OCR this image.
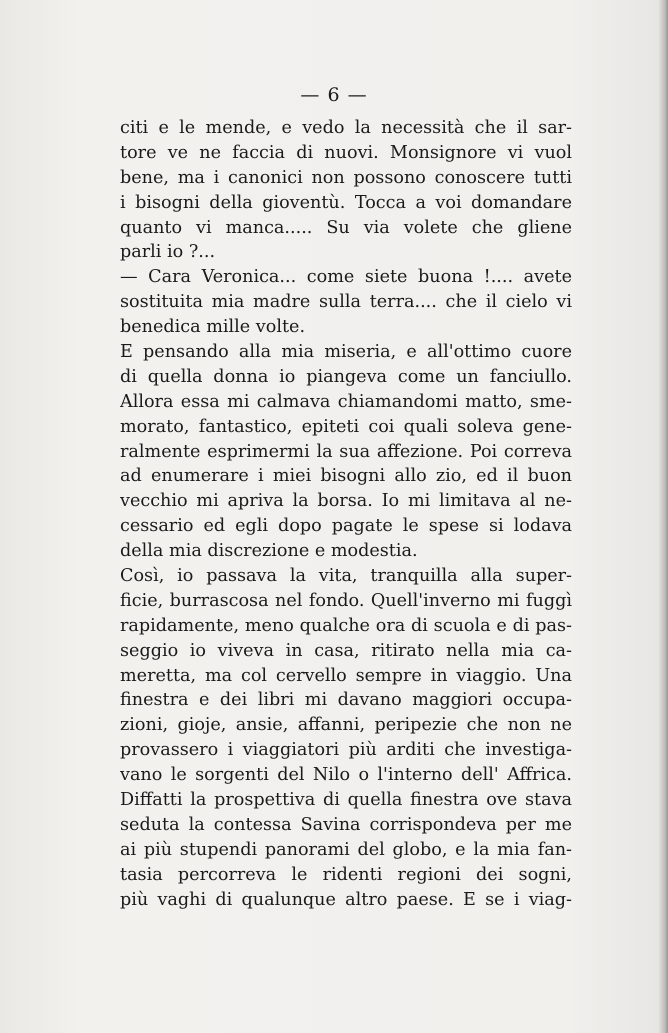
— 6 —
citi e le mende, e vedo la necessità che il sar-
tore ve ne faccia di nuovi. Monsignore vi vuol
bene, ma i canonici non possono conoscere tutti
i bisogni della gioventù. Tocca a voi domandare
quanto vi manca..... Su via volete che gliene
parli io ?...
— Cara Veronica... come siete buona !.... avete
sostituita mia madre sulla terra.... che il cielo vi
benedica mille volte.
E pensando alla mia miseria, e all'ottimo cuore
di quella donna io piangeva come un fanciullo.
Allora essa mi calmava chiamandomi matto, sme-
morato, fantastico, epiteti coi quali soleva gene-
ralmente esprimermi la sua affezione. Poi correva
ad enumerare i miei bisogni allo zio, ed il buon
vecchio mi apriva la borsa. Io mi limitava al ne-
cessario ed egli dopo pagate le spese si lodava
della mia discrezione e modestia.
Così, io passava la vita, tranquilla alla super-
ficie, burrascosa nel fondo. Quell'inverno mi fuggì
rapidamente, meno qualche ora di scuola e di pas-
seggio io viveva in casa, ritirato nella mia ca-
meretta, ma col cervello sempre in viaggio. Una
finestra e dei libri mi davano maggiori occupa-
zioni, gioje, ansie, affanni, peripezie che non ne
provassero i viaggiatori più arditi che investiga-
vano le sorgenti del Nilo o l'interno dell' Affrica.
Diffatti la prospettiva di quella finestra ove stava
seduta la contessa Savina corrispondeva per me
ai più stupendi panorami del globo, e la mia fan-
tasia percorreva le ridenti regioni dei sogni,
più vaghi di qualunque altro paese. E se i viag-
